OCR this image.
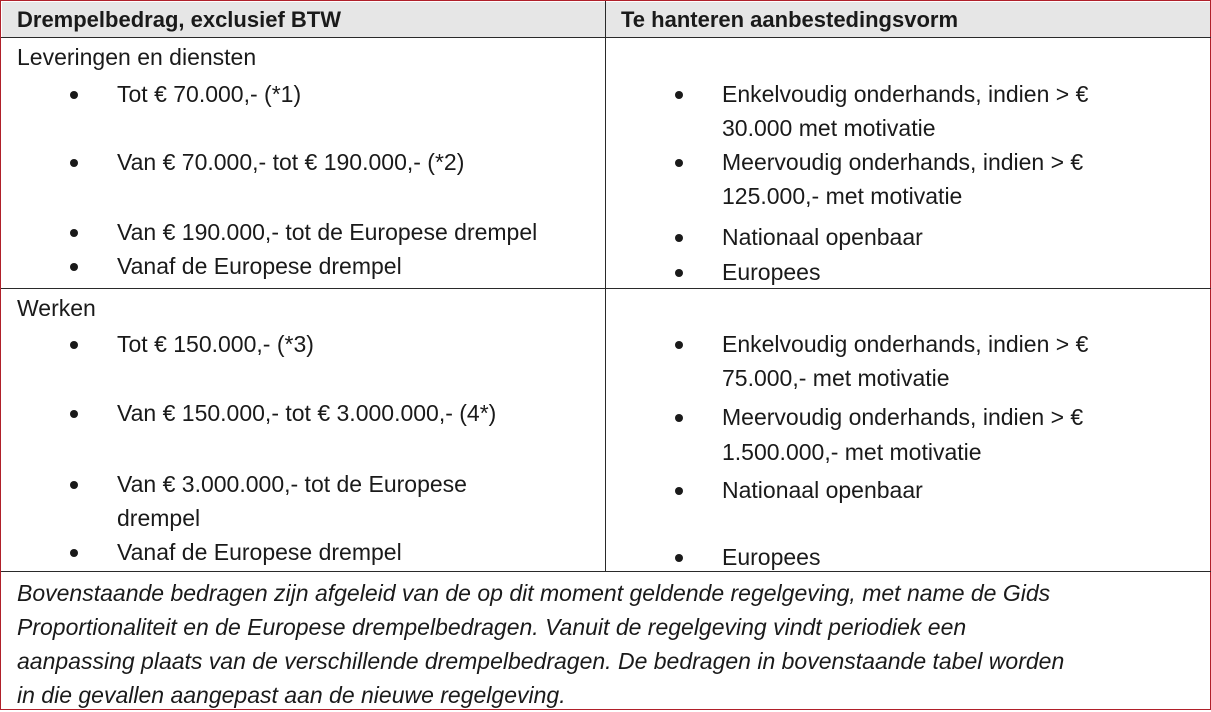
Drempelbedrag, exclusief BTW	Te hanteren aanbestedingsvorm
Leveringen en diensten
Tot € 70.000,- (*1)
Van € 70.000,- tot € 190.000,- (*2)
Van € 190.000,- tot de Europese drempel
Vanaf de Europese drempel
Enkelvoudig onderhands, indien > €
30.000 met motivatie
Meervoudig onderhands, indien > €
125.000,- met motivatie
Nationaal openbaar
Europees
Werken
Tot € 150.000,- (*3)
Van € 150.000,- tot € 3.000.000,- (4*)
Van € 3.000.000,- tot de Europese
drempel
Vanaf de Europese drempel
Enkelvoudig onderhands, indien > €
75.000,- met motivatie
Meervoudig onderhands, indien > €
1.500.000,- met motivatie
Nationaal openbaar
Europees
Bovenstaande bedragen zijn afgeleid van de op dit moment geldende regelgeving, met name de Gids
Proportionaliteit en de Europese drempelbedragen. Vanuit de regelgeving vindt periodiek een
aanpassing plaats van de verschillende drempelbedragen. De bedragen in bovenstaande tabel worden
in die gevallen aangepast aan de nieuwe regelgeving.
